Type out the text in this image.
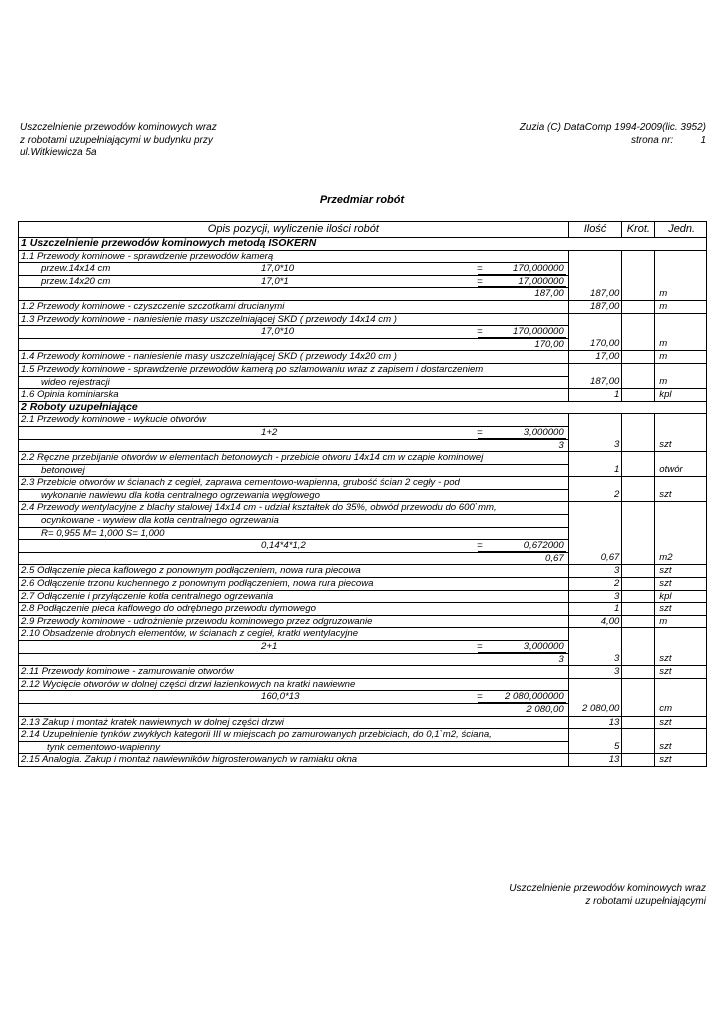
Uszczelnienie przewodów kominowych wraz
z robotami uzupełniającymi w budynku przy
ul.Witkiewicza 5a
Zuzia (C) DataComp 1994-2009(lic. 3952)
strona nr:	1
Przedmiar robót
Opis pozycji, wyliczenie ilości robót	Ilość	Krot.	Jedn.
1 Uszczelnienie przewodów kominowych metodą ISOKERN			

1.1 Przewody kominowe - sprawdzenie przewodów kamerą			

przew.14x14 cm 17,0*10 = 170,000000			

przew.14x20 cm 17,0*1 = 17,000000			

187,00	187,00		m

1.2 Przewody kominowe - czyszczenie szczotkami drucianymi	187,00		m

1.3 Przewody kominowe - naniesienie masy uszczelniającej SKD ( przewody 14x14 cm )			

17,0*10 = 170,000000			

170,00	170,00		m

1.4 Przewody kominowe - naniesienie masy uszczelniającej SKD ( przewody 14x20 cm )	17,00		m

1.5 Przewody kominowe - sprawdzenie przewodów kamerą po szlamowaniu wraz z zapisem i dostarczeniem			

wideo rejestracji	187,00		m

1.6 Opinia kominiarska	1		kpl
2 Roboty uzupełniające			

2.1 Przewody kominowe - wykucie otworów			

1+2 = 3,000000			

3	3		szt

2.2 Ręczne przebijanie otworów w elementach betonowych - przebicie otworu 14x14 cm w czapie kominowej			

betonowej	1		otwór

2.3 Przebicie otworów w ścianach z cegieł, zaprawa cementowo-wapienna, grubość ścian 2 cegły - pod			

wykonanie nawiewu dla kotła centralnego ogrzewania węglowego	2		szt

2.4 Przewody wentylacyjne z blachy stalowej 14x14 cm - udział kształtek do 35%, obwód przewodu do 600`mm,			

ocynkowane - wywiew dla kotła centralnego ogrzewania			

R= 0,955 M= 1,000 S= 1,000			

0,14*4*1,2 = 0,672000			

0,67	0,67		m2

2.5 Odłączenie pieca kaflowego z ponownym podłączeniem, nowa rura piecowa	3		szt

2.6 Odłączenie trzonu kuchennego z ponownym podłączeniem, nowa rura piecowa	2		szt

2.7 Odłączenie i przyłączenie kotła centralnego ogrzewania	3		kpl

2.8 Podłączenie pieca kaflowego do odrębnego przewodu dymowego	1		szt

2.9 Przewody kominowe - udrożnienie przewodu kominowego przez odgruzowanie	4,00		m

2.10 Obsadzenie drobnych elementów, w ścianach z cegieł, kratki wentylacyjne			

2+1 = 3,000000			

3	3		szt

2.11 Przewody kominowe - zamurowanie otworów	3		szt

2.12 Wycięcie otworów w dolnej części drzwi łazienkowych na kratki nawiewne			

160,0*13 = 2 080,000000			

2 080,00	2 080,00		cm

2.13 Zakup i montaż kratek nawiewnych w dolnej części drzwi	13		szt

2.14 Uzupełnienie tynków zwykłych kategorii III w miejscach po zamurowanych przebiciach, do 0,1`m2, ściana,			

tynk cementowo-wapienny	5		szt

2.15 Analogia. Zakup i montaż nawiewników higrosterowanych w ramiaku okna	13		szt
Uszczelnienie przewodów kominowych wraz
z robotami uzupełniającymi
